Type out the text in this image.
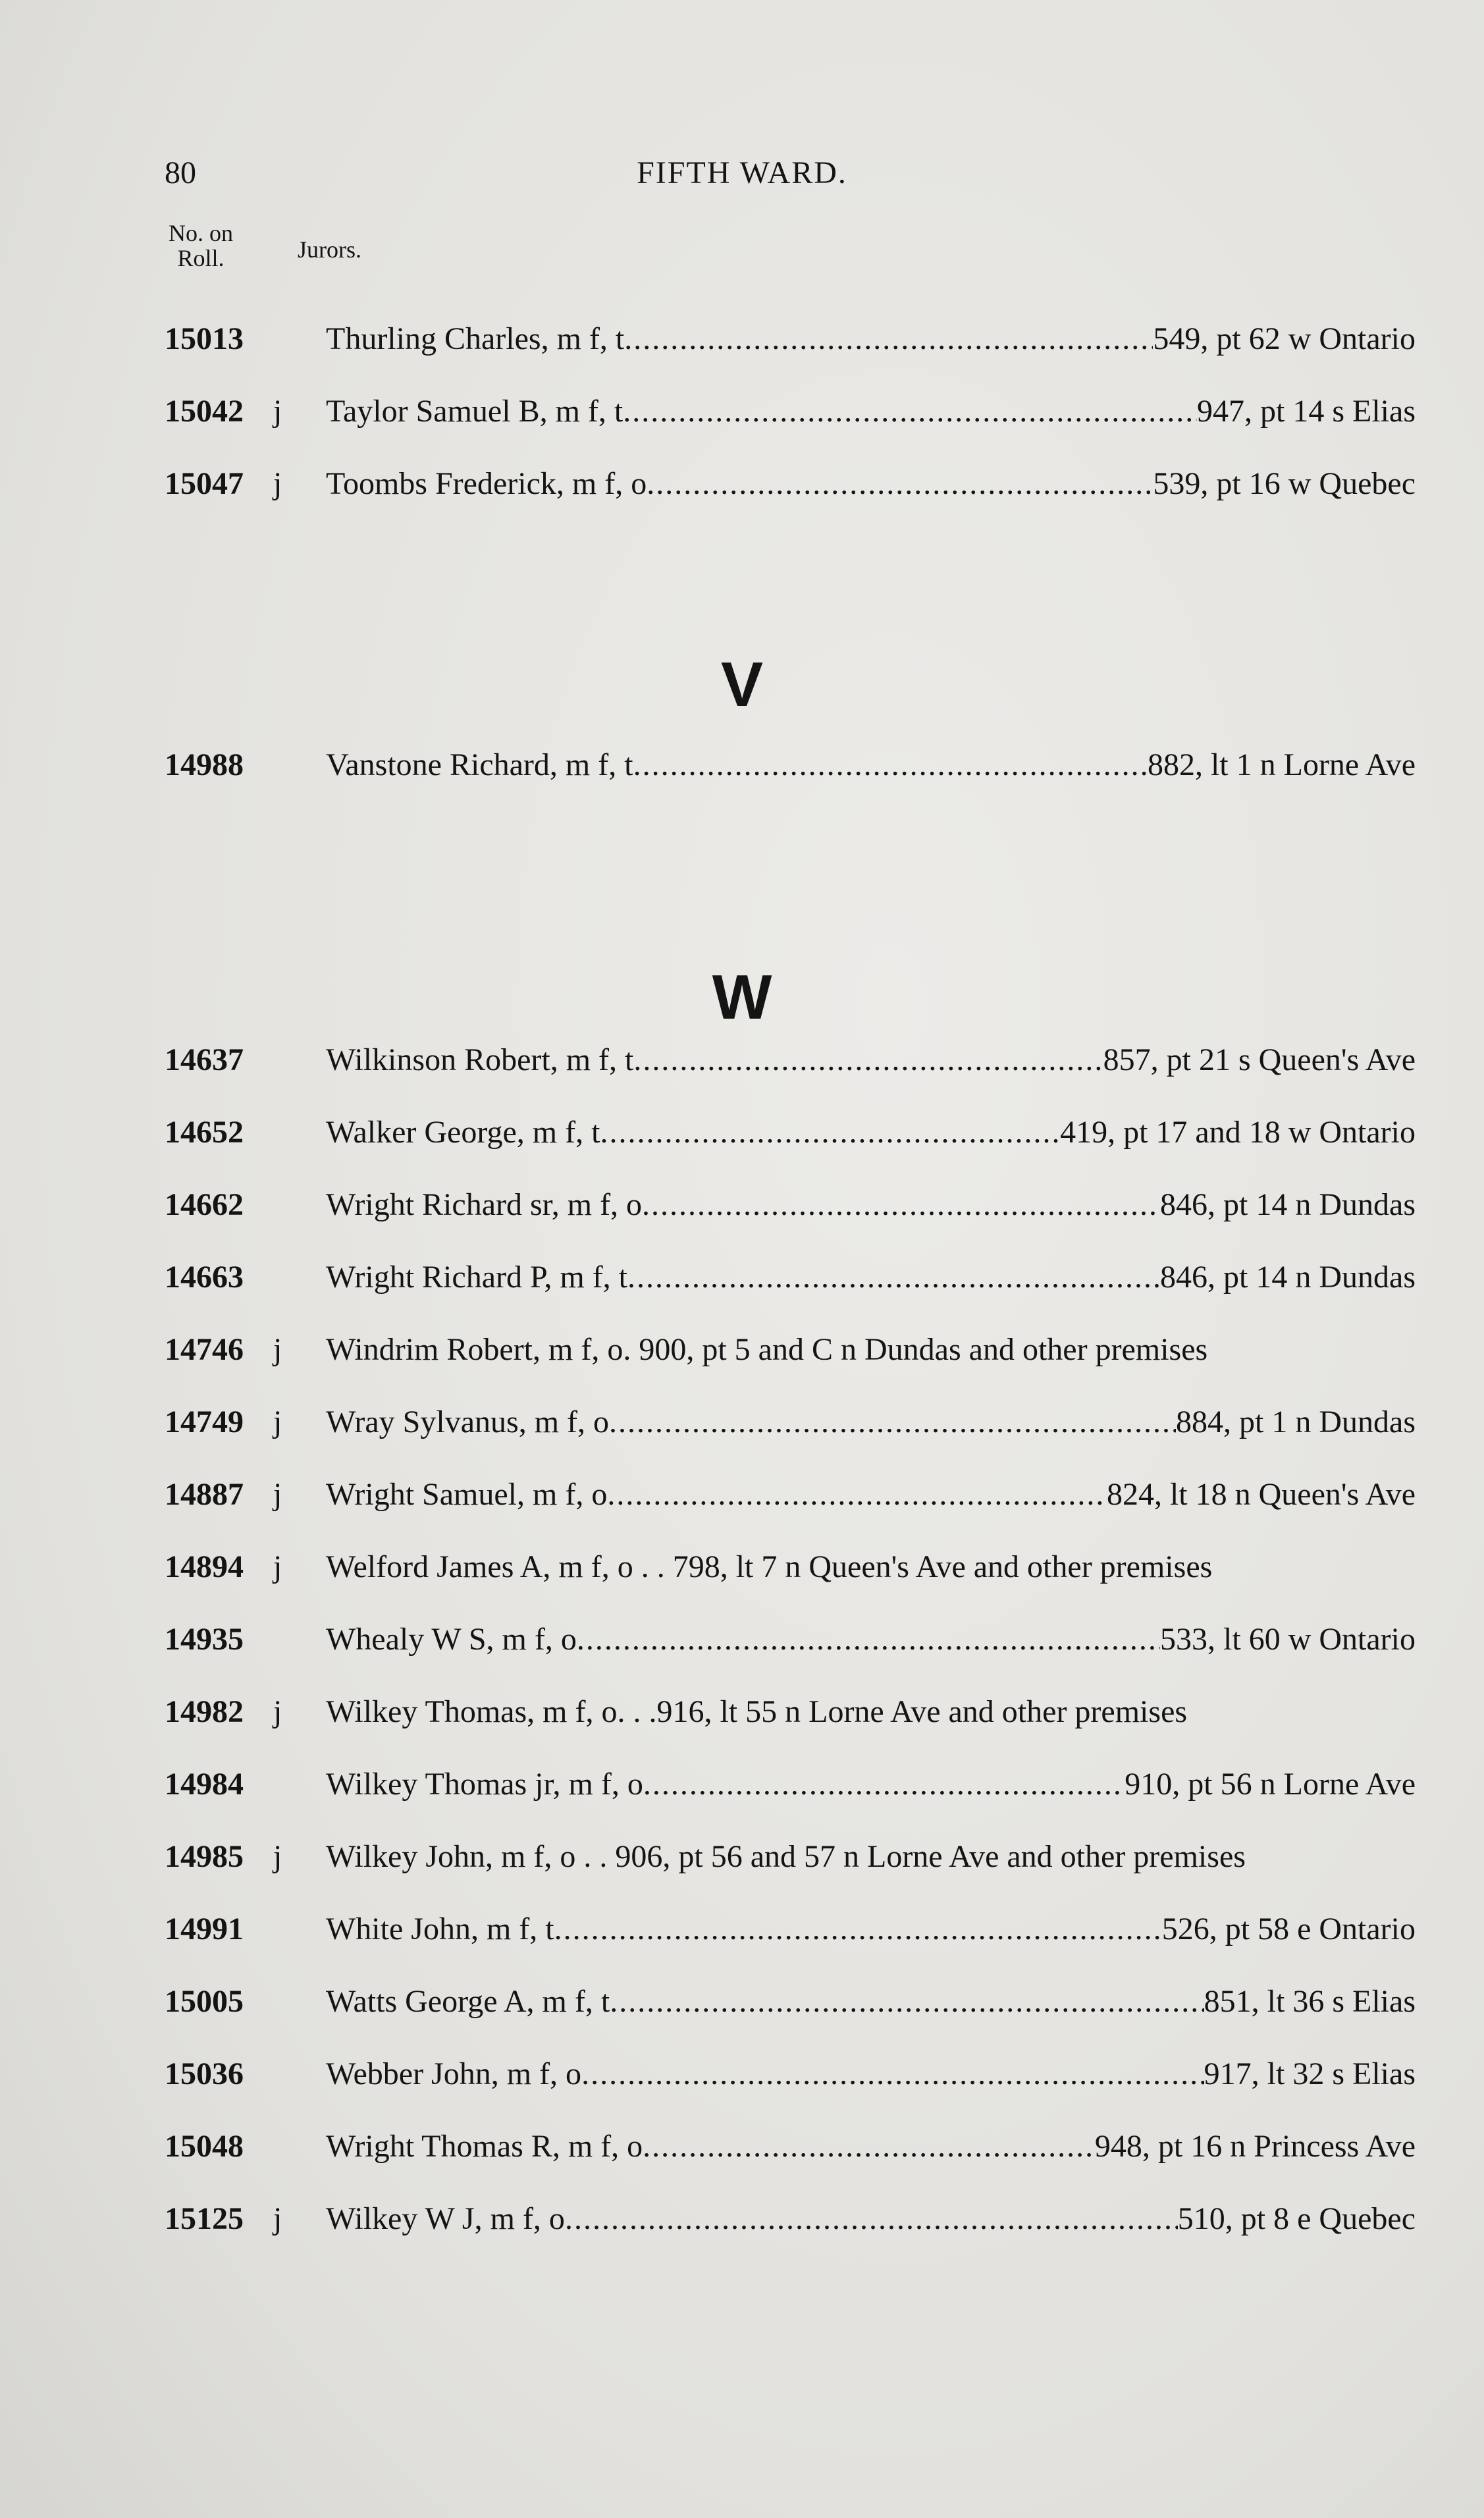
80	FIFTH WARD.
No. on
Roll.	Jurors.
V
W
15013	Thurling Charles, m f, t .....	549, pt 62 w Ontario
15042 j Taylor Samuel B, m f, t .....	947, pt 14 s Elias
15047 j Toombs Frederick, m f, o .....	539, pt 16 w Quebec
14988	Vanstone Richard, m f, t .....	882, lt 1 n Lorne Ave
14637	Wilkinson Robert, m f, t .....	857, pt 21 s Queen's Ave
14652	Walker George, m f, t .....	419, pt 17 and 18 w Ontario
14662	Wright Richard sr, m f, o .....	846, pt 14 n Dundas
14663	Wright Richard P, m f, t .....	846, pt 14 n Dundas
14746 j Windrim Robert, m f, o. 900, pt 5 and C n Dundas and other premises
14749 j Wray Sylvanus, m f, o .....	884, pt 1 n Dundas
14887 j Wright Samuel, m f, o .....	824, lt 18 n Queen's Ave
14894 j Welford James A, m f, o . . 798, lt 7 n Queen's Ave and other premises
14935	Whealy W S, m f, o .....	533, lt 60 w Ontario
14982 j Wilkey Thomas, m f, o. . .916, lt 55 n Lorne Ave and other premises
14984	Wilkey Thomas jr, m f, o .....	910, pt 56 n Lorne Ave
14985 j Wilkey John, m f, o . . 906, pt 56 and 57 n Lorne Ave and other premises
14991	White John, m f, t .....	526, pt 58 e Ontario
15005	Watts George A, m f, t .....	851, lt 36 s Elias
15036	Webber John, m f, o .....	917, lt 32 s Elias
15048	Wright Thomas R, m f, o .....	948, pt 16 n Princess Ave
15125 j Wilkey W J, m f, o .....	510, pt 8 e Quebec
